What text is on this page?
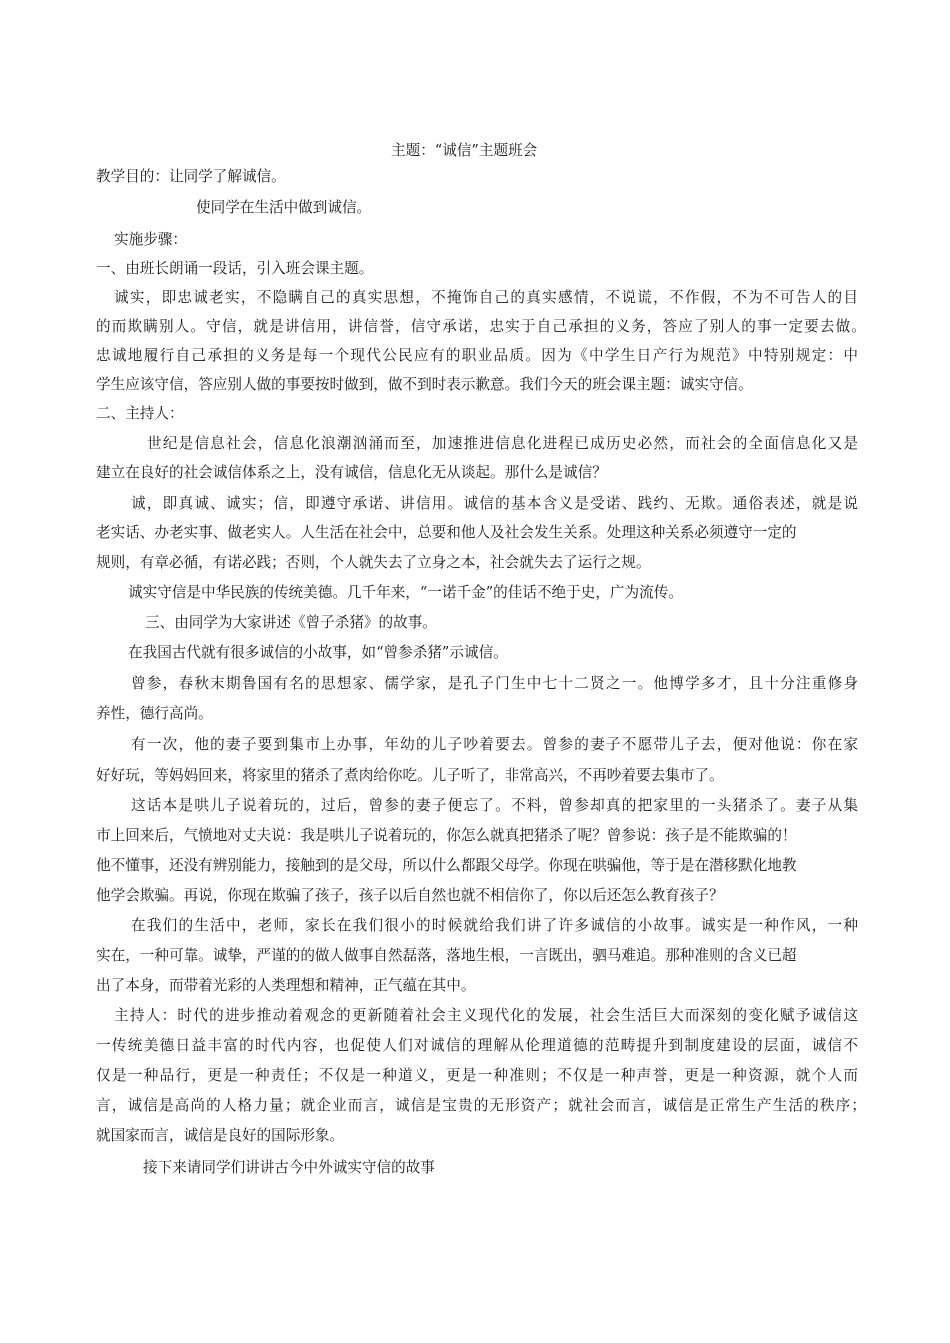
主题：“诚信”主题班会
教学目的：让同学了解诚信。
使同学在生活中做到诚信。
实施步骤：
一、由班长朗诵一段话，引入班会课主题。
诚实，即忠诚老实，不隐瞒自己的真实思想，不掩饰自己的真实感情，不说谎，不作假，不为不可告人的目
的而欺瞒别人。守信，就是讲信用，讲信誉，信守承诺，忠实于自己承担的义务，答应了别人的事一定要去做。
忠诚地履行自己承担的义务是每一个现代公民应有的职业品质。因为《中学生日产行为规范》中特别规定：中
学生应该守信，答应别人做的事要按时做到，做不到时表示歉意。我们今天的班会课主题：诚实守信。
二、主持人：
世纪是信息社会，信息化浪潮汹涌而至，加速推进信息化进程已成历史必然，而社会的全面信息化又是
建立在良好的社会诚信体系之上，没有诚信，信息化无从谈起。那什么是诚信？
诚，即真诚、诚实；信，即遵守承诺、讲信用。诚信的基本含义是受诺、践约、无欺。通俗表述，就是说
老实话、办老实事、做老实人。人生活在社会中，总要和他人及社会发生关系。处理这种关系必须遵守一定的
规则，有章必循，有诺必践；否则，个人就失去了立身之本，社会就失去了运行之规。
诚实守信是中华民族的传统美德。几千年来，“一诺千金”的佳话不绝于史，广为流传。
三、由同学为大家讲述《曾子杀猪》的故事。
在我国古代就有很多诚信的小故事，如“曾参杀猪”示诚信。
曾参，春秋末期鲁国有名的思想家、儒学家，是孔子门生中七十二贤之一。他博学多才，且十分注重修身
养性，德行高尚。
有一次，他的妻子要到集市上办事，年幼的儿子吵着要去。曾参的妻子不愿带儿子去，便对他说：你在家
好好玩，等妈妈回来，将家里的猪杀了煮肉给你吃。儿子听了，非常高兴，不再吵着要去集市了。
这话本是哄儿子说着玩的，过后，曾参的妻子便忘了。不料，曾参却真的把家里的一头猪杀了。妻子从集
市上回来后，气愤地对丈夫说：我是哄儿子说着玩的，你怎么就真把猪杀了呢？曾参说：孩子是不能欺骗的！
他不懂事，还没有辨别能力，接触到的是父母，所以什么都跟父母学。你现在哄骗他，等于是在潜移默化地教
他学会欺骗。再说，你现在欺骗了孩子，孩子以后自然也就不相信你了，你以后还怎么教育孩子？
在我们的生活中，老师，家长在我们很小的时候就给我们讲了许多诚信的小故事。诚实是一种作风，一种
实在，一种可靠。诚挚，严谨的的做人做事自然磊落，落地生根，一言既出，驷马难追。那种准则的含义已超
出了本身，而带着光彩的人类理想和精神，正气蕴在其中。
主持人：时代的进步推动着观念的更新随着社会主义现代化的发展，社会生活巨大而深刻的变化赋予诚信这
一传统美德日益丰富的时代内容，也促使人们对诚信的理解从伦理道德的范畴提升到制度建设的层面，诚信不
仅是一种品行，更是一种责任；不仅是一种道义，更是一种准则；不仅是一种声誉，更是一种资源，就个人而
言，诚信是高尚的人格力量；就企业而言，诚信是宝贵的无形资产；就社会而言，诚信是正常生产生活的秩序；
就国家而言，诚信是良好的国际形象。
接下来请同学们讲讲古今中外诚实守信的故事
